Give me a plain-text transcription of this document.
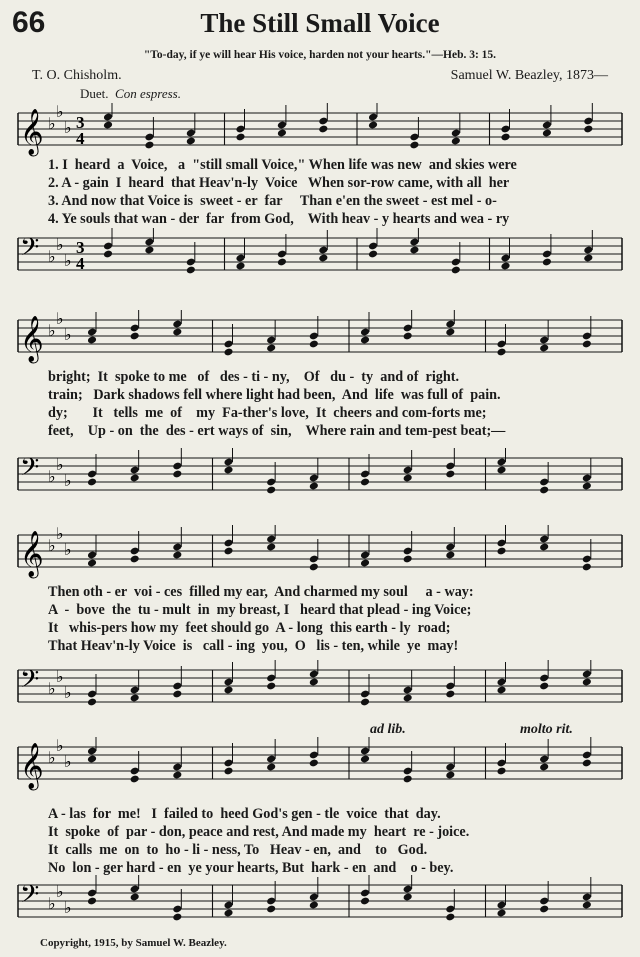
66	The Still Small Voice
"To-day, if ye will hear His voice, harden not your hearts."—Heb. 3: 15.
T. O. Chisholm.	Samuel W. Beazley, 1873—
Duet. Con espress.
𝄞 ♭
♭
♭ 3
4
1. I  heard  a  Voice,   a  "still small Voice," When life was new  and skies were
2. A - gain  I  heard  that Heav'n-ly  Voice   When sor-row came, with all  her
3. And now that Voice is  sweet - er  far     Than e'en the sweet - est mel - o-
4. Ye souls that wan - der  far  from God,    With heav - y hearts and wea - ry
𝄢 ♭
♭
♭
3
4
𝄞 ♭
♭
♭
bright;  It  spoke to me   of   des - ti - ny,    Of   du -  ty  and of  right.
train;   Dark shadows fell where light had been,  And  life  was full of  pain.
dy;       It   tells  me  of    my  Fa-ther's love,  It  cheers and com-forts me;
feet,    Up - on  the  des - ert ways of  sin,    Where rain and tem-pest beat;—
𝄢 ♭
♭
♭
𝄞 ♭
♭
♭
Then oth - er  voi - ces  filled my ear,  And charmed my soul     a - way:
A  -  bove  the  tu - mult  in  my breast, I   heard that plead - ing Voice;
It   whis-pers how my  feet should go  A - long  this earth - ly  road;
That Heav'n-ly Voice  is   call - ing  you,  O   lis - ten, while  ye  may!
𝄢 ♭
♭
♭
ad lib.	molto rit.
𝄞 ♭
♭
♭
A - las  for  me!   I  failed to  heed God's gen - tle  voice  that  day.
It  spoke  of  par - don, peace and rest, And made my  heart  re - joice.
It  calls  me  on  to  ho - li - ness, To   Heav - en,  and    to   God.
No  lon - ger hard - en  ye your hearts, But  hark - en  and    o - bey.
𝄢 ♭
♭
♭
Copyright, 1915, by Samuel W. Beazley.
